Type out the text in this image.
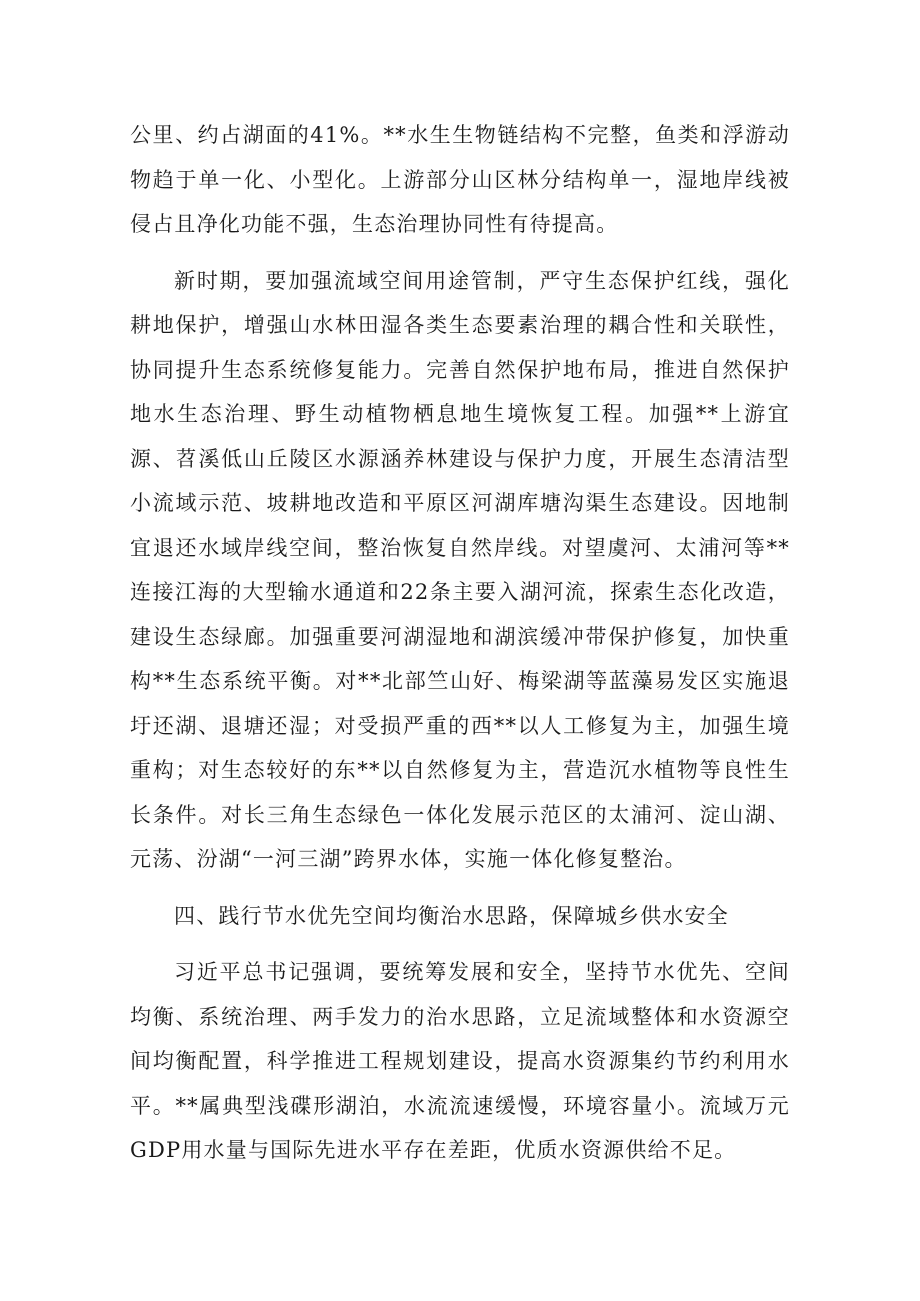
公里、约占湖面的41%。**水生生物链结构不完整，鱼类和浮游动物趋于单一化、小型化。上游部分山区林分结构单一，湿地岸线被侵占且净化功能不强，生态治理协同性有待提高。

新时期，要加强流域空间用途管制，严守生态保护红线，强化耕地保护，增强山水林田湿各类生态要素治理的耦合性和关联性，协同提升生态系统修复能力。完善自然保护地布局，推进自然保护地水生态治理、野生动植物栖息地生境恢复工程。加强**上游宜源、苕溪低山丘陵区水源涵养林建设与保护力度，开展生态清洁型小流域示范、坡耕地改造和平原区河湖库塘沟渠生态建设。因地制宜退还水域岸线空间，整治恢复自然岸线。对望虞河、太浦河等**连接江海的大型输水通道和22条主要入湖河流，探索生态化改造，建设生态绿廊。加强重要河湖湿地和湖滨缓冲带保护修复，加快重构**生态系统平衡。对**北部竺山好、梅梁湖等蓝藻易发区实施退圩还湖、退塘还湿；对受损严重的西**以人工修复为主，加强生境重构；对生态较好的东**以自然修复为主，营造沉水植物等良性生长条件。对长三角生态绿色一体化发展示范区的太浦河、淀山湖、元荡、汾湖“一河三湖”跨界水体，实施一体化修复整治。

四、践行节水优先空间均衡治水思路，保障城乡供水安全

习近平总书记强调，要统筹发展和安全，坚持节水优先、空间均衡、系统治理、两手发力的治水思路，立足流域整体和水资源空间均衡配置，科学推进工程规划建设，提高水资源集约节约利用水平。**属典型浅碟形湖泊，水流流速缓慢，环境容量小。流域万元GDP用水量与国际先进水平存在差距，优质水资源供给不足。
